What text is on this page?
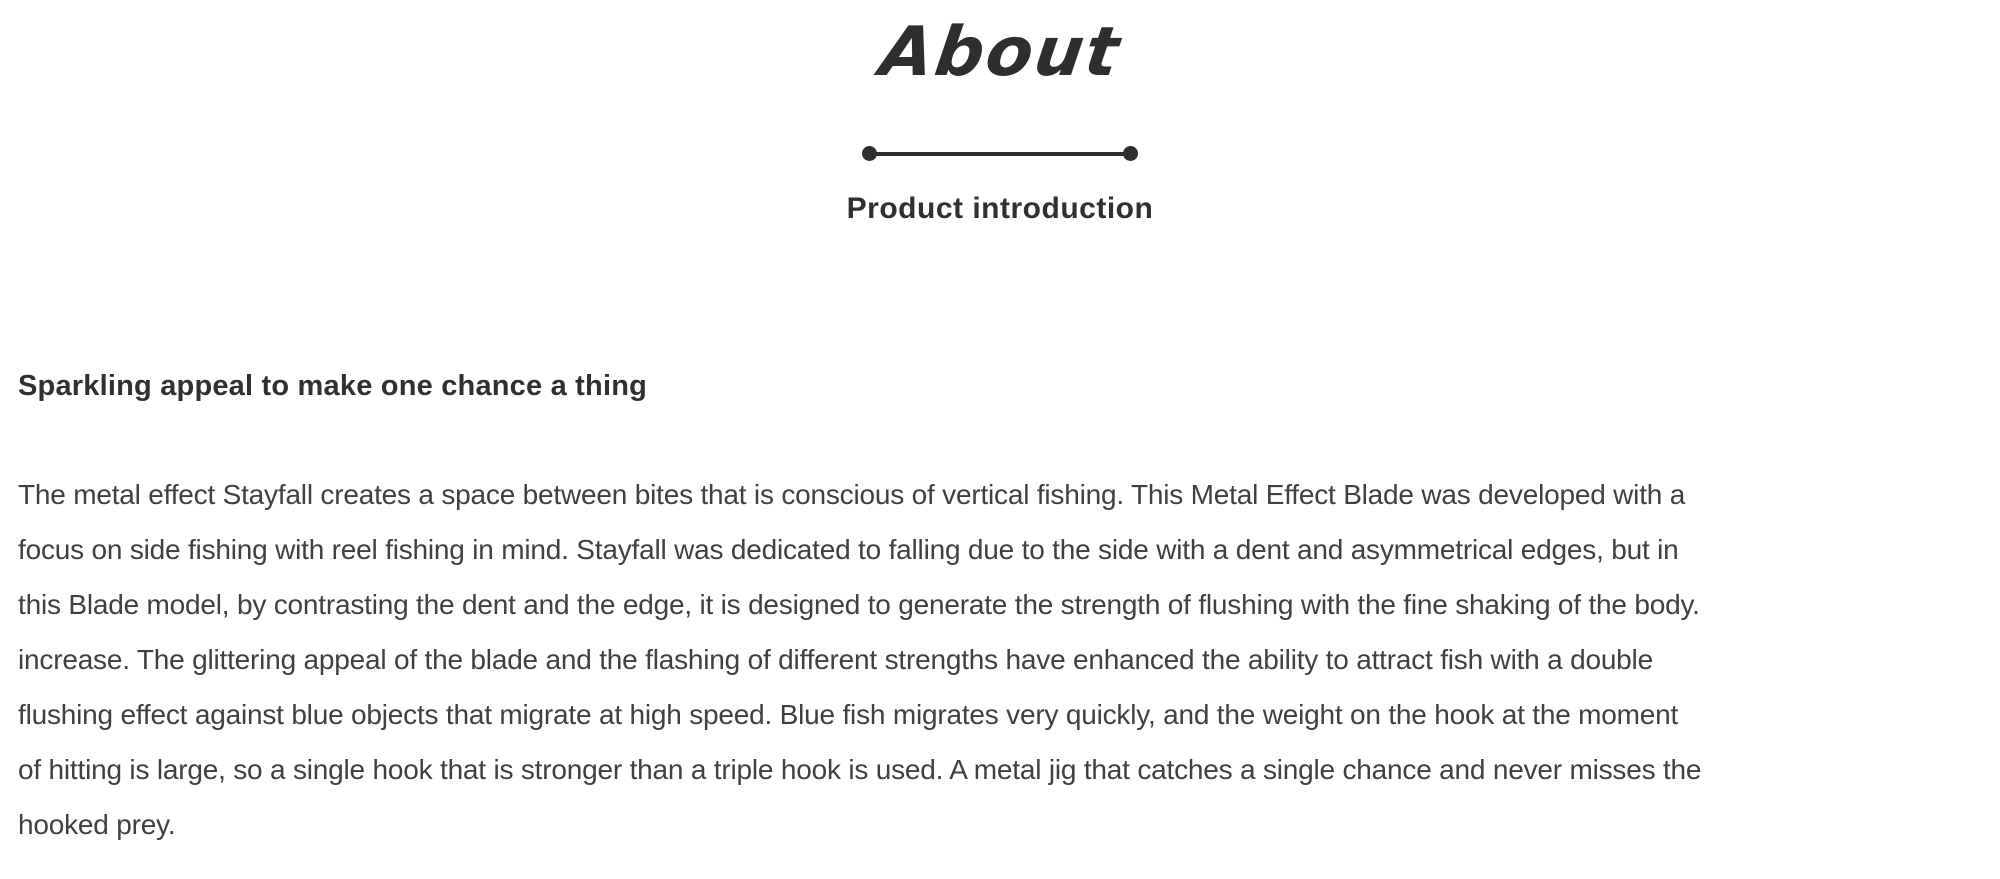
About
Product introduction
Sparkling appeal to make one chance a thing
The metal effect Stayfall creates a space between bites that is conscious of vertical fishing. This Metal Effect Blade was developed with a
focus on side fishing with reel fishing in mind. Stayfall was dedicated to falling due to the side with a dent and asymmetrical edges, but in
this Blade model, by contrasting the dent and the edge, it is designed to generate the strength of flushing with the fine shaking of the body.
increase. The glittering appeal of the blade and the flashing of different strengths have enhanced the ability to attract fish with a double
flushing effect against blue objects that migrate at high speed. Blue fish migrates very quickly, and the weight on the hook at the moment
of hitting is large, so a single hook that is stronger than a triple hook is used. A metal jig that catches a single chance and never misses the
hooked prey.
